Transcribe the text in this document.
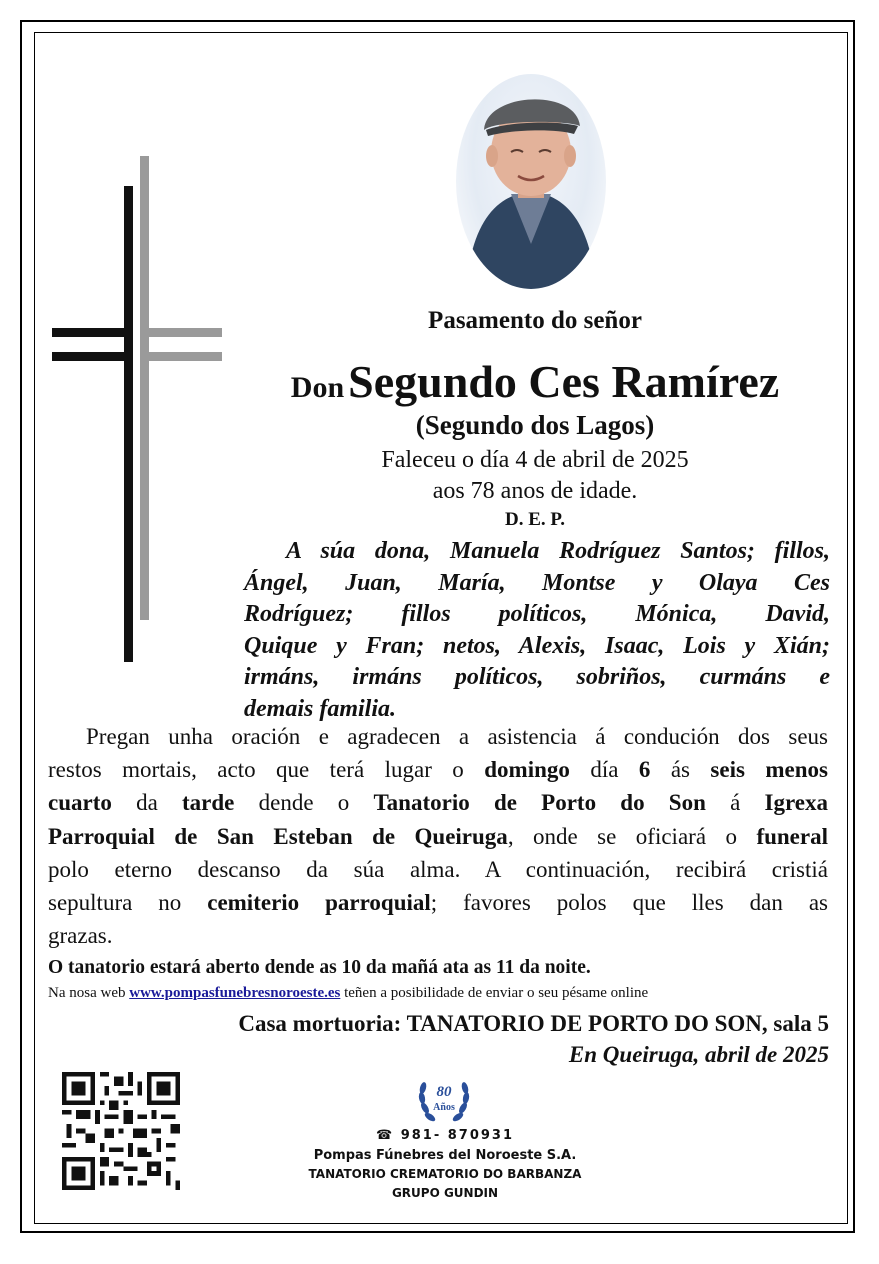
Pasamento do señor
Don Segundo Ces Ramírez
(Segundo dos Lagos)
Faleceu o día 4 de abril de 2025
aos 78 anos de idade.
D. E. P.
A súa dona, Manuela Rodríguez Santos; fillos,
Ángel, Juan, María, Montse y Olaya Ces
Rodríguez; fillos políticos, Mónica, David,
Quique y Fran; netos, Alexis, Isaac, Lois y Xián;
irmáns, irmáns políticos, sobriños, curmáns e
demais familia.
Pregan unha oración e agradecen a asistencia á condución dos seus
restos mortais, acto que terá lugar o domingo día 6 ás seis menos
cuarto da tarde dende o Tanatorio de Porto do Son á Igrexa
Parroquial de San Esteban de Queiruga, onde se oficiará o funeral
polo eterno descanso da súa alma. A continuación, recibirá cristiá
sepultura no cemiterio parroquial; favores polos que lles dan as
grazas.
O tanatorio estará aberto dende as 10 da mañá ata as 11 da noite.
Na nosa web www.pompasfunebresnoroeste.es teñen a posibilidade de enviar o seu pésame online
Casa mortuoria: TANATORIO DE PORTO DO SON, sala 5
En Queiruga, abril de 2025
80
Años
☎ 981- 870931
Pompas Fúnebres del Noroeste S.A.
TANATORIO CREMATORIO DO BARBANZA
GRUPO GUNDIN
